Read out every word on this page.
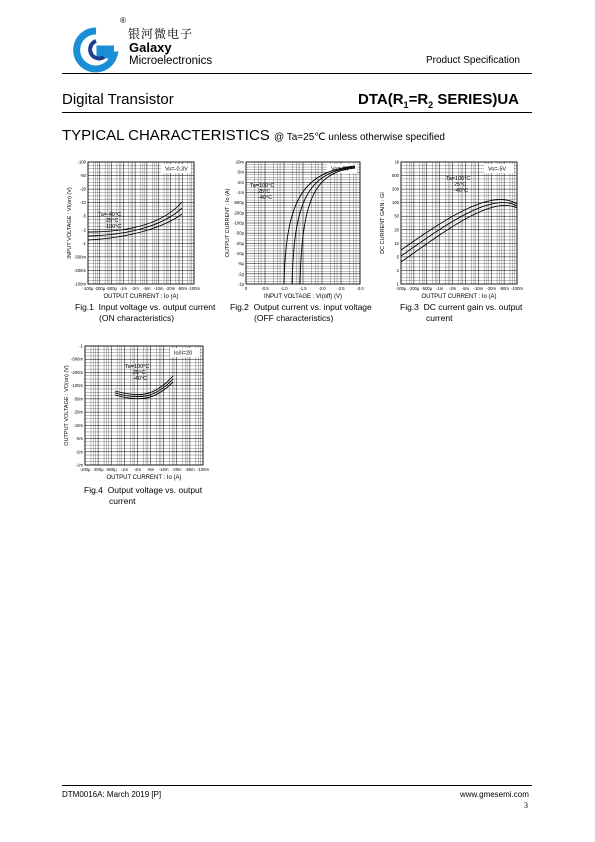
银河微电子
®
Galaxy
Microelectronics	Product Specification
Digital Transistor	$DTA(R_1=R_2$ SERIES)UA
TYPICAL CHARACTERISTICS @ Ta=25℃ unless otherwise specified
-100μ -200μ -500μ -1m -2m -5m -10m -20m -50m -100m
-100
-50
-20
-10
-5
-2
-1
-500m
-200m
-100m
OUTPUT CURRENT : Io (A)
INPUT VOLTAGE : VI(on) (V)
Vo=-0.3V
Ta=-40°C
25°C
100°C
0	-0.5	-1.0	-1.5	-2.0	-2.5	-3.0
-10m
-5m
-2m
-1m
-500μ
-200μ
-100μ
-50μ
-20μ
-10μ
-5μ
-2μ
-1μ
INPUT VOLTAGE : VI(off) (V)
OUTPUT CURRENT : Io (A)
Vo=-5V
Ta=100°C
25°C
-40°C
-100μ -200μ -500μ -1m -2m -5m -10m -20m -50m -100m
1k
500
200
100
50
20
10
5
2
1
OUTPUT CURRENT : Io (A)
DC CURRENT GAIN : GI
Vo=-5V
Ta=100°C
25°C
-40°C
-100μ -200μ -500μ -1m -2m -5m -10m -20m -50m -100m
-1
-500m
-200m
-100m
-50m
-20m
-10m
-5m
-2m
-1m
OUTPUT CURRENT : Io (A)
OUTPUT VOLTAGE : VO(on) (V)
Io/Ii=20
Ta=100°C
25°C
-40°C
Fig.1 Input voltage vs. output current
(ON characteristics)
Fig.2 Output current vs. input voltage
(OFF characteristics)
Fig.3 DC current gain vs. output
current
Fig.4 Output voltage vs. output
current
DTM0016A: March 2019 [P]	www.gmesemi.com
3
